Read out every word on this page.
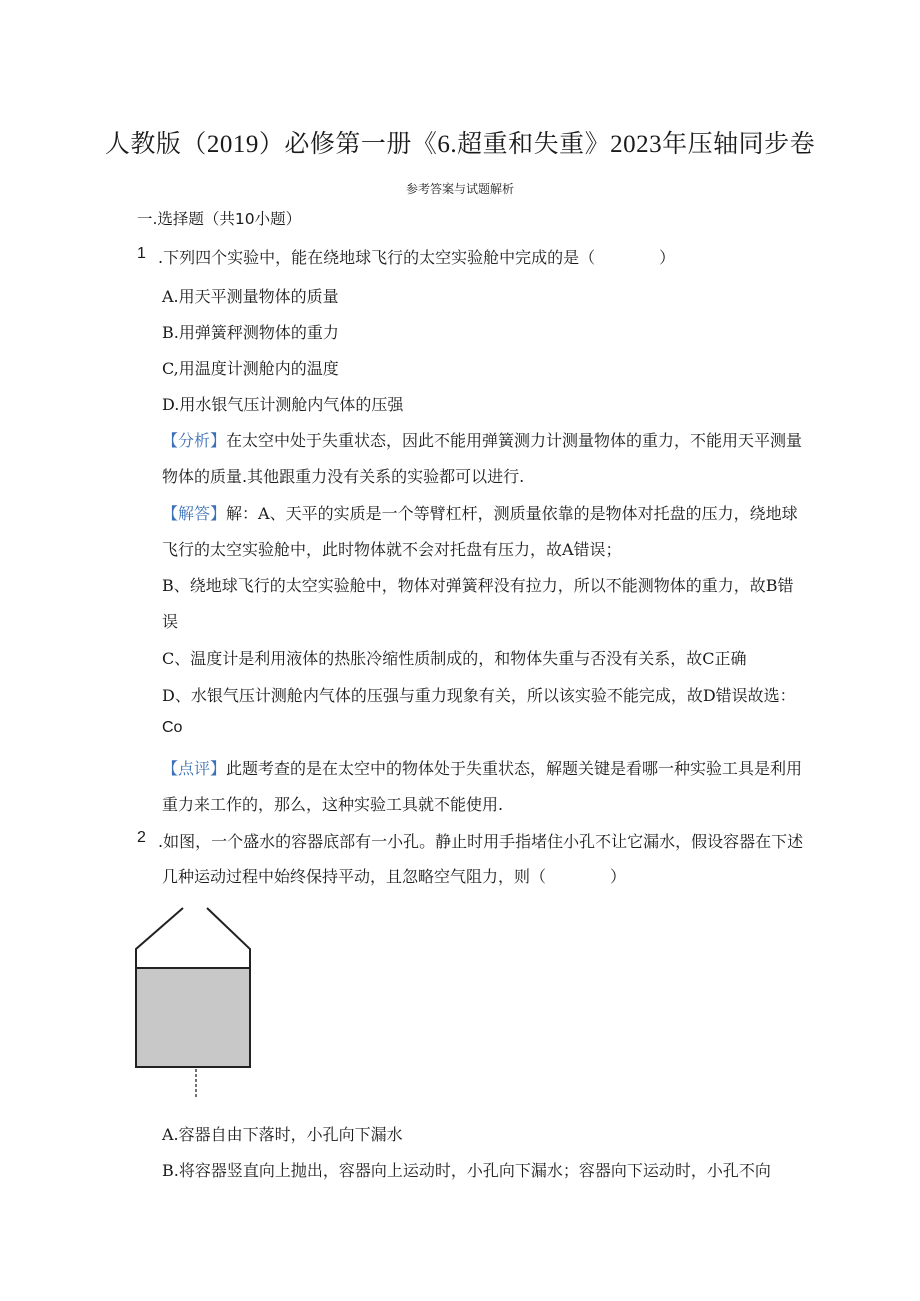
人教版（2019）必修第一册《6.超重和失重》2023年压轴同步卷
参考答案与试题解析
一.选择题（共10小题）
1 .下列四个实验中，能在绕地球飞行的太空实验舱中完成的是（　　　　）
A.用天平测量物体的质量
B.用弹簧秤测物体的重力
C,用温度计测舱内的温度
D.用水银气压计测舱内气体的压强
【分析】在太空中处于失重状态，因此不能用弹簧测力计测量物体的重力，不能用天平测量
物体的质量.其他跟重力没有关系的实验都可以进行.
【解答】解：A、天平的实质是一个等臂杠杆，测质量依靠的是物体对托盘的压力，绕地球
飞行的太空实验舱中，此时物体就不会对托盘有压力，故A错误；
B、绕地球飞行的太空实验舱中，物体对弹簧秤没有拉力，所以不能测物体的重力，故B错
误
C、温度计是利用液体的热胀冷缩性质制成的，和物体失重与否没有关系，故C正确
D、水银气压计测舱内气体的压强与重力现象有关，所以该实验不能完成，故D错误故选：
Co
【点评】此题考查的是在太空中的物体处于失重状态，解题关键是看哪一种实验工具是利用
重力来工作的，那么，这种实验工具就不能使用.
2 .如图，一个盛水的容器底部有一小孔。静止时用手指堵住小孔不让它漏水，假设容器在下述
几种运动过程中始终保持平动，且忽略空气阻力，则（　　　　）
A.容器自由下落时，小孔向下漏水
B.将容器竖直向上抛出，容器向上运动时，小孔向下漏水；容器向下运动时，小孔不向
